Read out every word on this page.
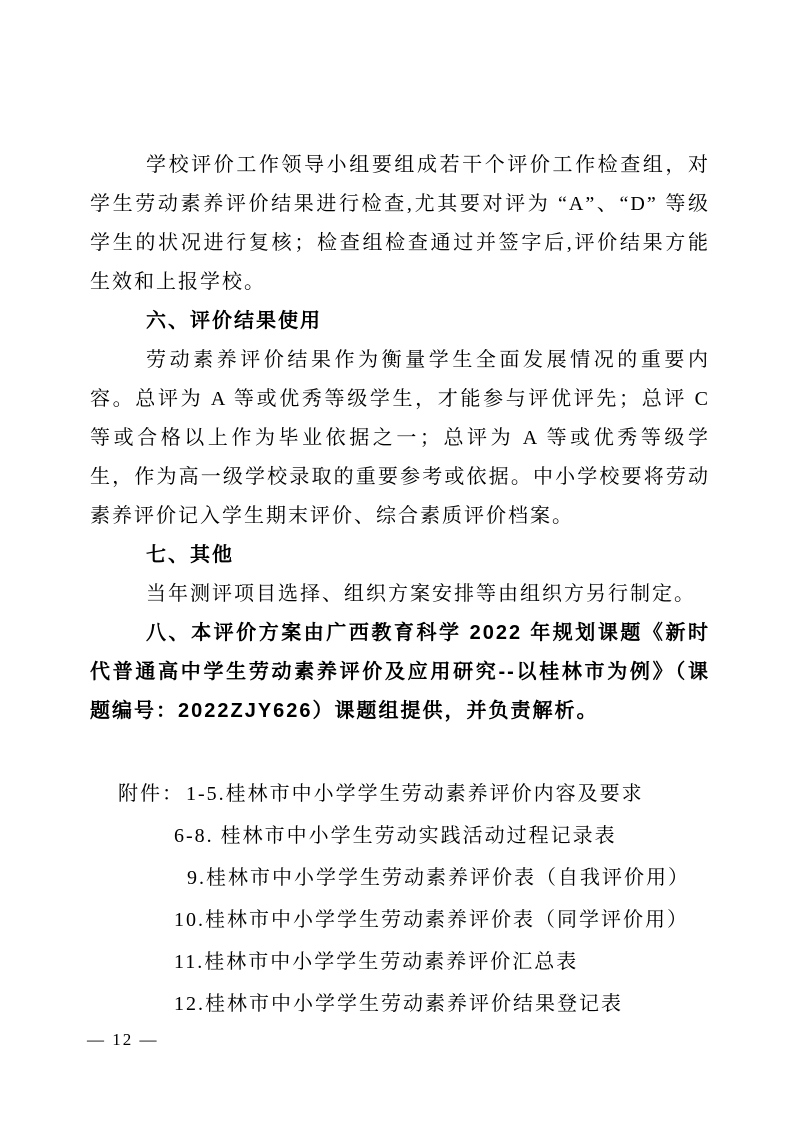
学校评价工作领导小组要组成若干个评价工作检查组，对学生劳动素养评价结果进行检查,尤其要对评为 “A”、“D” 等级学生的状况进行复核；检查组检查通过并签字后,评价结果方能生效和上报学校。

六、评价结果使用

劳动素养评价结果作为衡量学生全面发展情况的重要内容。总评为 A 等或优秀等级学生，才能参与评优评先；总评 C 等或合格以上作为毕业依据之一；总评为 A 等或优秀等级学生，作为高一级学校录取的重要参考或依据。中小学校要将劳动素养评价记入学生期末评价、综合素质评价档案。

七、其他

当年测评项目选择、组织方案安排等由组织方另行制定。

八、本评价方案由广西教育科学 2022 年规划课题《新时代普通高中学生劳动素养评价及应用研究--以桂林市为例》（课题编号：2022ZJY626）课题组提供，并负责解析。

附件： 1-5.桂林市中小学学生劳动素养评价内容及要求
6-8. 桂林市中小学生劳动实践活动过程记录表
9.桂林市中小学学生劳动素养评价表（自我评价用）
10.桂林市中小学学生劳动素养评价表（同学评价用）
11.桂林市中小学学生劳动素养评价汇总表
12.桂林市中小学学生劳动素养评价结果登记表
— 12 —
